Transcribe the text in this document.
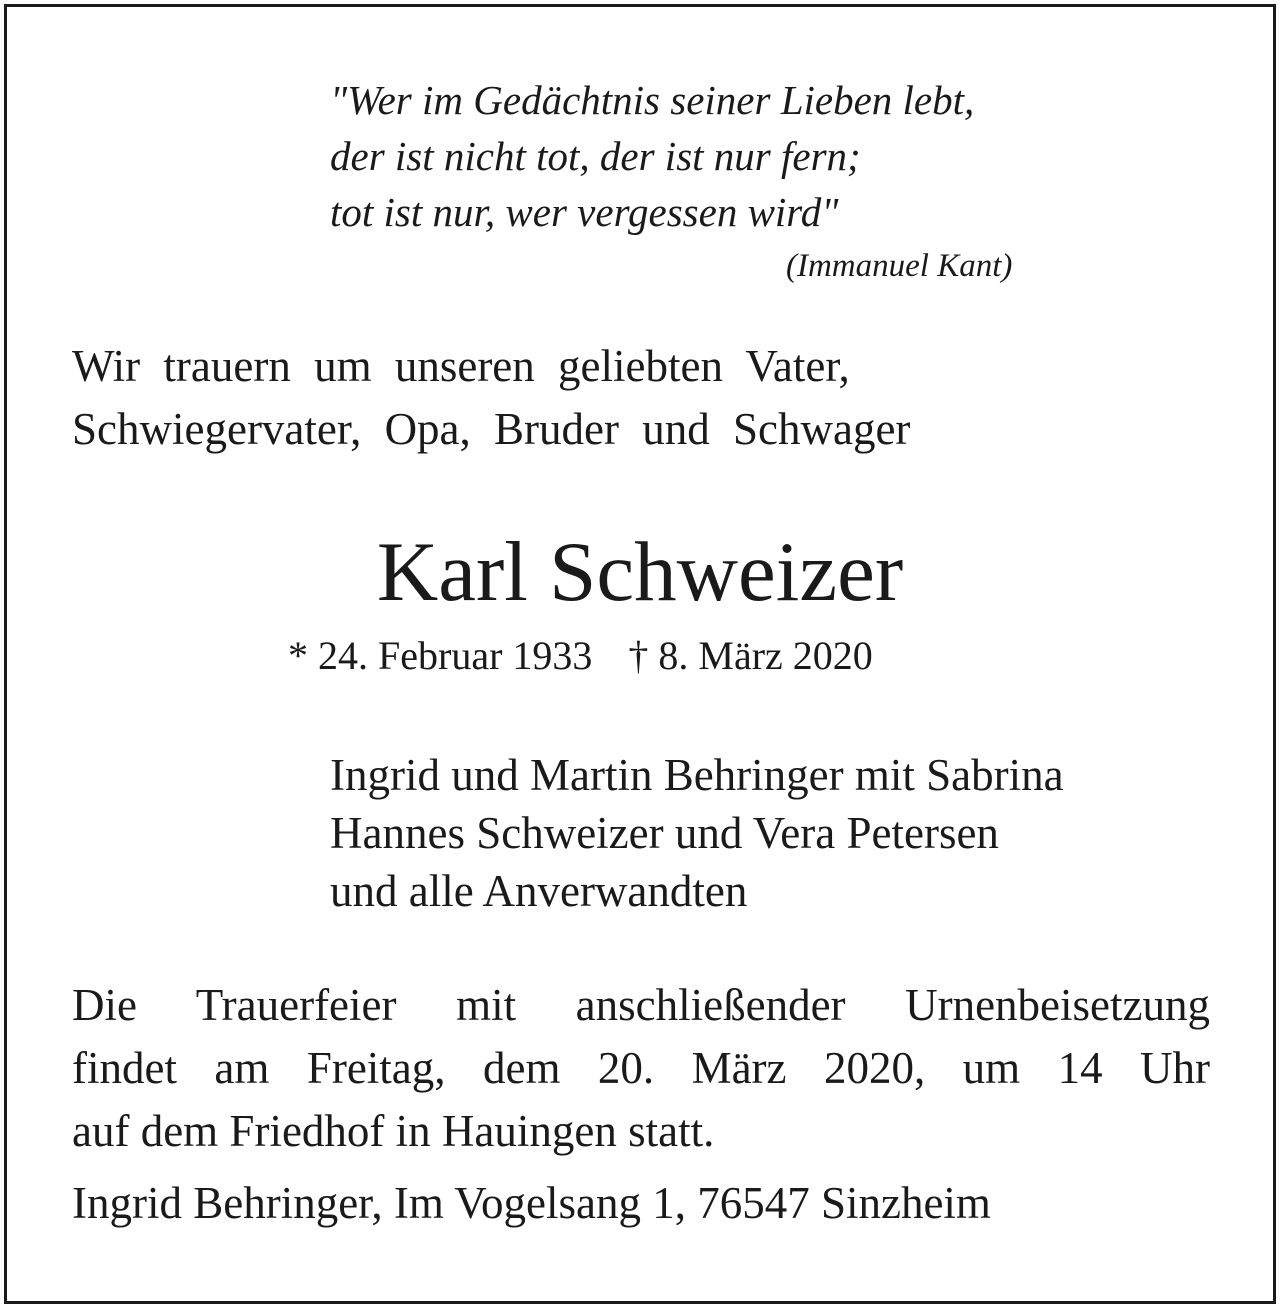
"Wer im Gedächtnis seiner Lieben lebt,
der ist nicht tot, der ist nur fern;
tot ist nur, wer vergessen wird"
(Immanuel Kant)
Wir trauern um unseren geliebten Vater,
Schwiegervater, Opa, Bruder und Schwager
Karl Schweizer
* 24. Februar 1933 † 8. März 2020
Ingrid und Martin Behringer mit Sabrina
Hannes Schweizer und Vera Petersen
und alle Anverwandten
Die Trauerfeier mit anschließender Urnenbeisetzung
findet am Freitag, dem 20. März 2020, um 14 Uhr
auf dem Friedhof in Hauingen statt.
Ingrid Behringer, Im Vogelsang 1, 76547 Sinzheim
